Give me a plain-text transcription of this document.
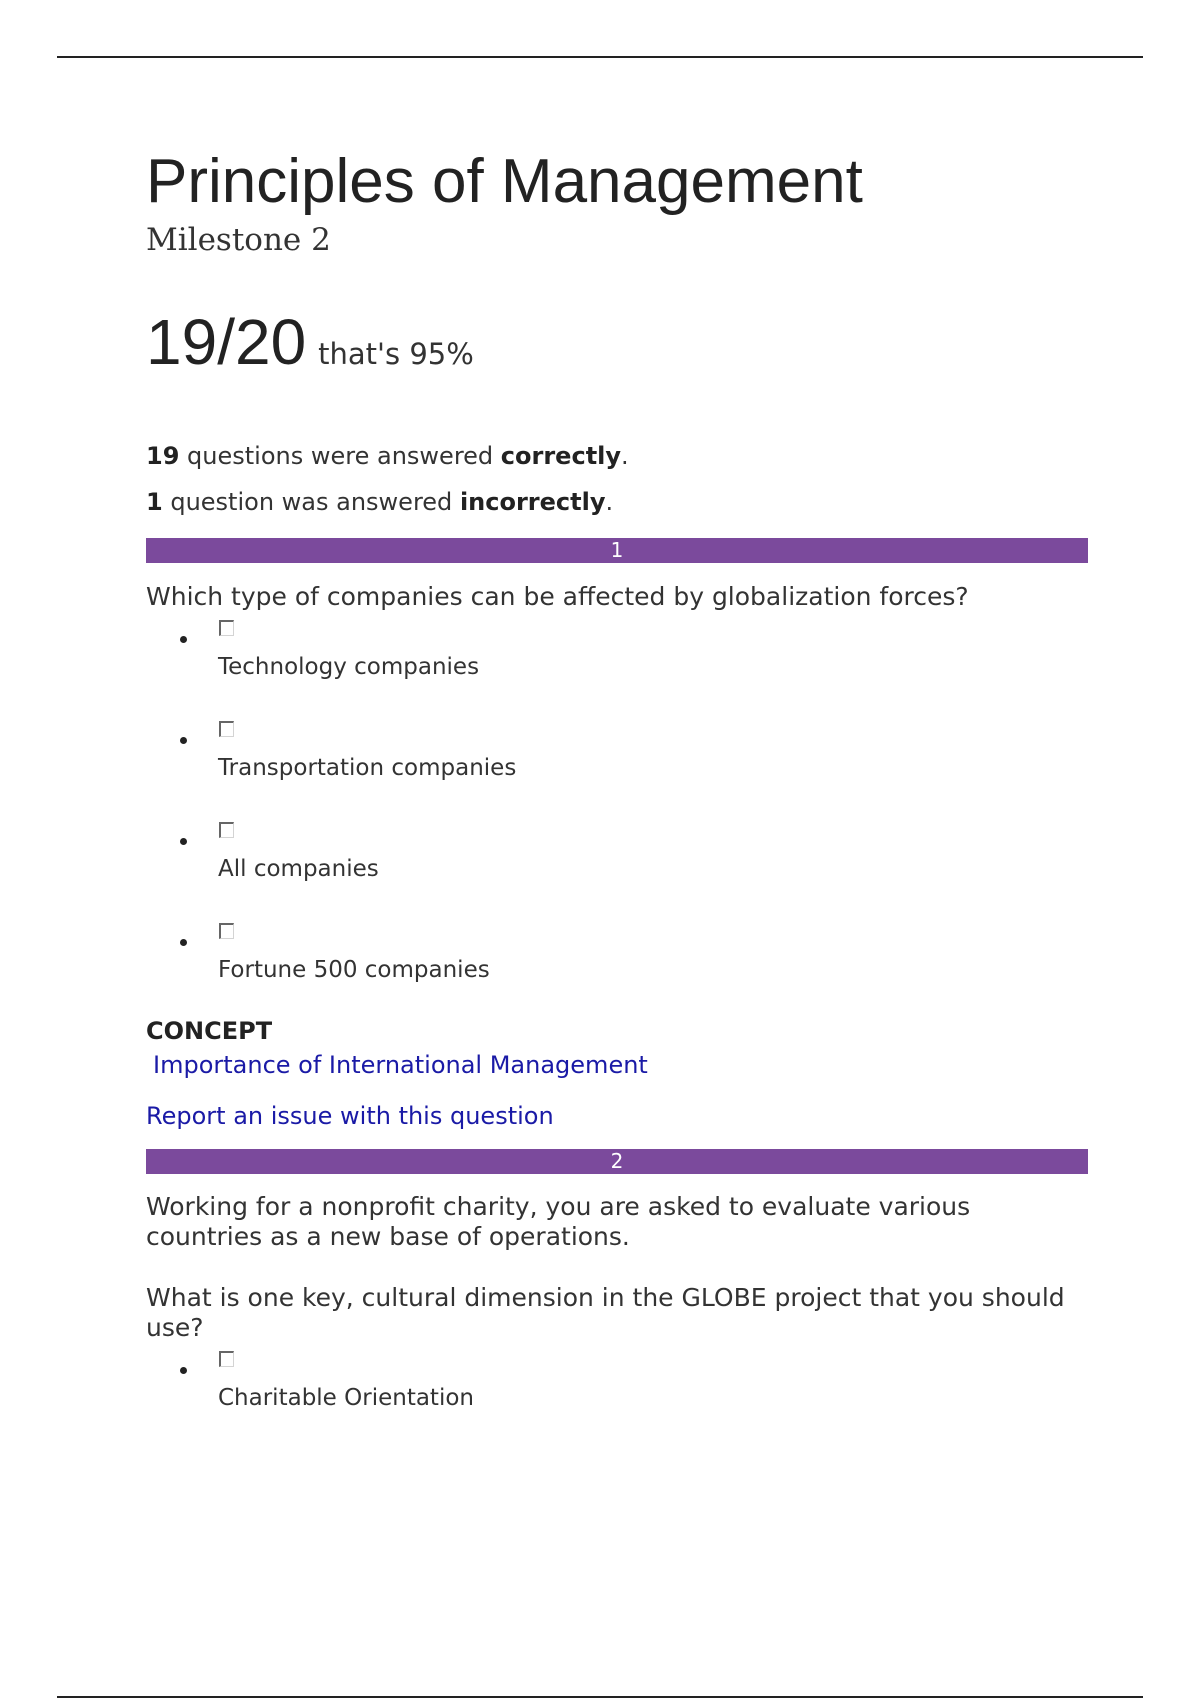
Principles of Management
Milestone 2
19/20 that's 95%
19 questions were answered correctly.
1 question was answered incorrectly.
1
Which type of companies can be affected by globalization forces?
Technology companies
Transportation companies
All companies
Fortune 500 companies
CONCEPT
Importance of International Management
Report an issue with this question
2
Working for a nonprofit charity, you are asked to evaluate various countries as a new base of operations.
What is one key, cultural dimension in the GLOBE project that you should use?
Charitable Orientation
